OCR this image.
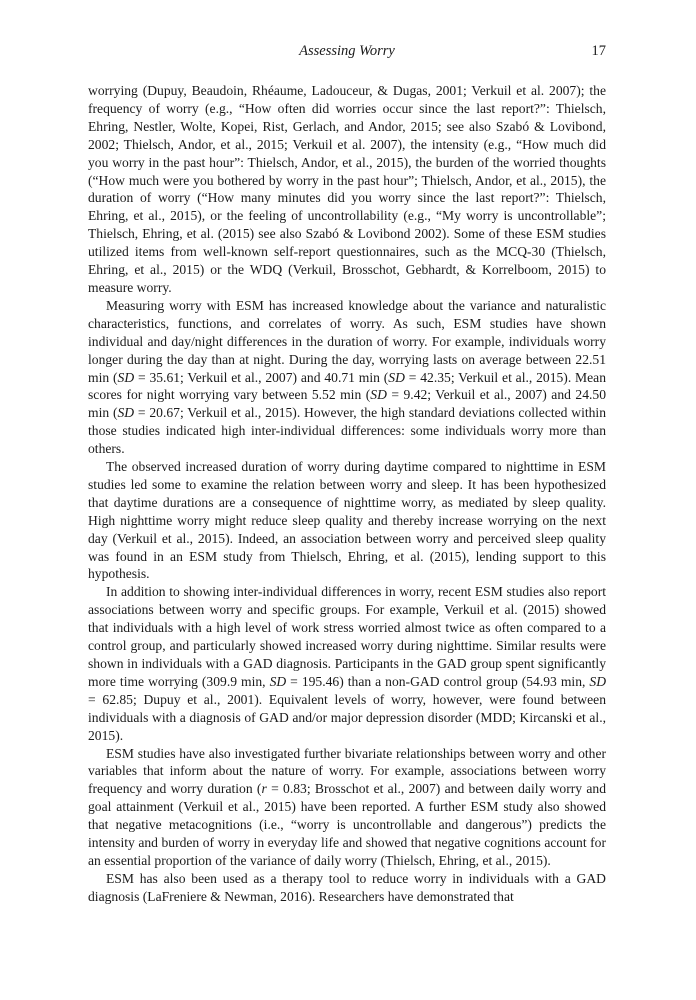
Assessing Worry	17

worrying (Dupuy, Beaudoin, Rhéaume, Ladouceur, & Dugas, 2001; Verkuil et al. 2007); the frequency of worry (e.g., “How often did worries occur since the last report?”: Thielsch, Ehring, Nestler, Wolte, Kopei, Rist, Gerlach, and Andor, 2015; see also Szabó & Lovibond, 2002; Thielsch, Andor, et al., 2015; Verkuil et al. 2007), the intensity (e.g., “How much did you worry in the past hour”: Thielsch, Andor, et al., 2015), the burden of the worried thoughts (“How much were you bothered by worry in the past hour”; Thielsch, Andor, et al., 2015), the duration of worry (“How many minutes did you worry since the last report?”: Thielsch, Ehring, et al., 2015), or the feeling of uncontrollability (e.g., “My worry is uncontrollable”; Thielsch, Ehring, et al. (2015) see also Szabó & Lovibond 2002). Some of these ESM studies utilized items from well-known self-report questionnaires, such as the MCQ-30 (Thielsch, Ehring, et al., 2015) or the WDQ (Verkuil, Brosschot, Gebhardt, & Korrelboom, 2015) to measure worry.

Measuring worry with ESM has increased knowledge about the variance and naturalistic characteristics, functions, and correlates of worry. As such, ESM studies have shown individual and day/night differences in the duration of worry. For example, individuals worry longer during the day than at night. During the day, worrying lasts on average between 22.51 min (SD = 35.61; Verkuil et al., 2007) and 40.71 min (SD = 42.35; Verkuil et al., 2015). Mean scores for night worrying vary between 5.52 min (SD = 9.42; Verkuil et al., 2007) and 24.50 min (SD = 20.67; Verkuil et al., 2015). However, the high standard deviations collected within those studies indicated high inter-individual differences: some individuals worry more than others.

The observed increased duration of worry during daytime compared to nighttime in ESM studies led some to examine the relation between worry and sleep. It has been hypothesized that daytime durations are a consequence of nighttime worry, as mediated by sleep quality. High nighttime worry might reduce sleep quality and thereby increase worrying on the next day (Verkuil et al., 2015). Indeed, an association between worry and perceived sleep quality was found in an ESM study from Thielsch, Ehring, et al. (2015), lending support to this hypothesis.

In addition to showing inter-individual differences in worry, recent ESM studies also report associations between worry and specific groups. For example, Verkuil et al. (2015) showed that individuals with a high level of work stress worried almost twice as often compared to a control group, and particularly showed increased worry during nighttime. Similar results were shown in individuals with a GAD diagnosis. Participants in the GAD group spent significantly more time worrying (309.9 min, SD = 195.46) than a non-GAD control group (54.93 min, SD = 62.85; Dupuy et al., 2001). Equivalent levels of worry, however, were found between individuals with a diagnosis of GAD and/or major depression disorder (MDD; Kircanski et al., 2015).

ESM studies have also investigated further bivariate relationships between worry and other variables that inform about the nature of worry. For example, associations between worry frequency and worry duration (r = 0.83; Brosschot et al., 2007) and between daily worry and goal attainment (Verkuil et al., 2015) have been reported. A further ESM study also showed that negative metacognitions (i.e., “worry is uncontrollable and dangerous”) predicts the intensity and burden of worry in everyday life and showed that negative cognitions account for an essential proportion of the variance of daily worry (Thielsch, Ehring, et al., 2015).

ESM has also been used as a therapy tool to reduce worry in individuals with a GAD diagnosis (LaFreniere & Newman, 2016). Researchers have demonstrated that
